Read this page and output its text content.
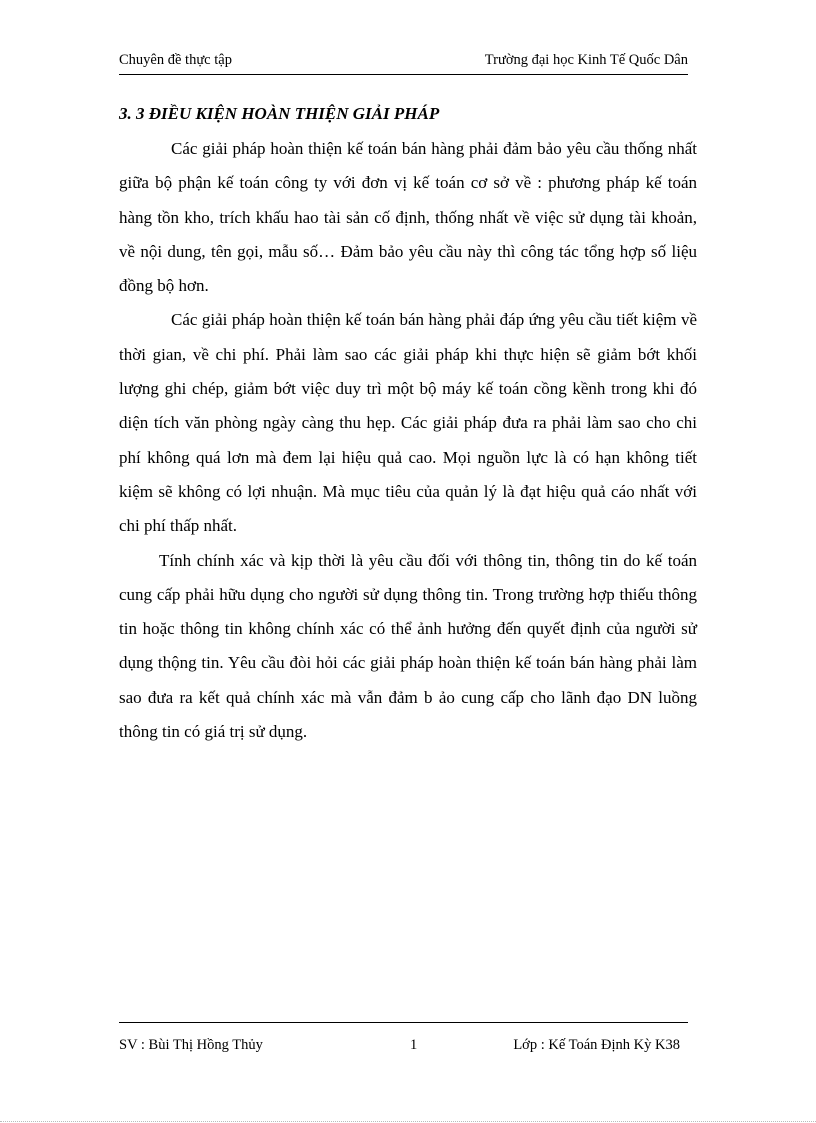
Chuyên đề thực tập	Trường đại học Kinh Tế Quốc Dân
3. 3 ĐIỀU KIỆN HOÀN THIỆN GIẢI PHÁP

Các giải pháp hoàn thiện kế toán bán hàng phải đảm bảo yêu cầu thống nhất giữa bộ phận kế toán công ty với đơn vị kế toán cơ sở về : phương pháp kế toán hàng tồn kho, trích khấu hao tài sản cố định, thống nhất về việc sử dụng tài khoản, về nội dung, tên gọi, mẫu số… Đảm bảo yêu cầu này thì công tác tổng hợp số liệu đồng bộ hơn.

Các giải pháp hoàn thiện kế toán bán hàng phải đáp ứng yêu cầu tiết kiệm về thời gian, về chi phí. Phải làm sao các giải pháp khi thực hiện sẽ giảm bớt khối lượng ghi chép, giảm bớt việc duy trì một bộ máy kế toán cồng kềnh trong khi đó diện tích văn phòng ngày càng thu hẹp. Các giải pháp đưa ra phải làm sao cho chi phí không quá lơn mà đem lại hiệu quả cao. Mọi nguồn lực là có hạn không tiết kiệm sẽ không có lợi nhuận. Mà mục tiêu của quản lý là đạt hiệu quả cáo nhất với chi phí thấp nhất.

Tính chính xác và kịp thời là yêu cầu đối với thông tin, thông tin do kế toán cung cấp phải hữu dụng cho người sử dụng thông tin. Trong trường hợp thiếu thông tin hoặc thông tin không chính xác có thể ảnh hưởng đến quyết định của người sử dụng thộng tin. Yêu cầu đòi hỏi các giải pháp hoàn thiện kế toán bán hàng phải làm sao đưa ra kết quả chính xác mà vẫn đảm b ảo cung cấp cho lãnh đạo DN luồng thông tin có giá trị sử dụng.

SV : Bùi Thị Hồng Thủy	1	Lớp : Kế Toán Định Kỳ K38
